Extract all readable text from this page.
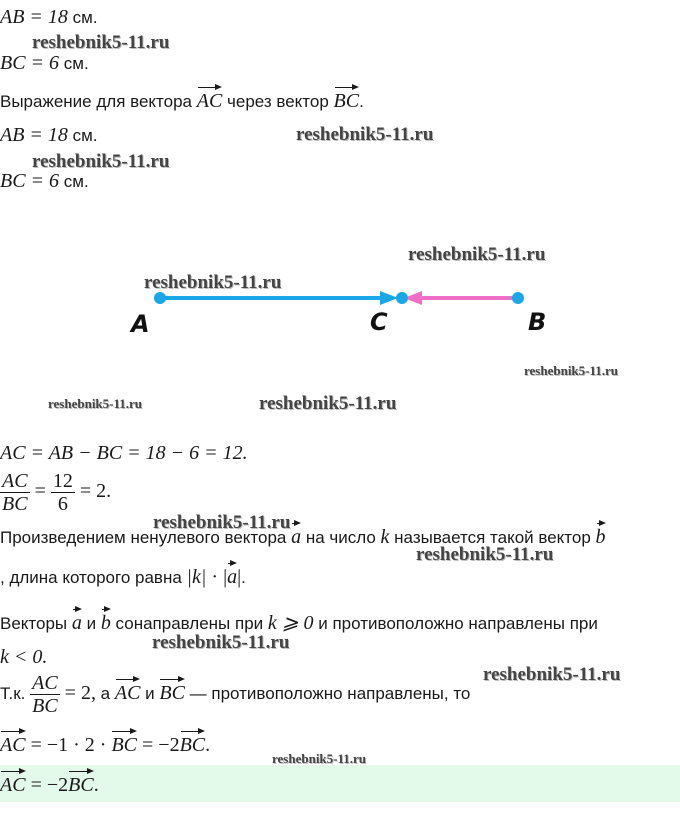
AB = 18 см.
BC = 6 см.
Выражение для вектора AC через вектор BC.
AB = 18 см.
BC = 6 см.
A	C	B
AC = AB − BC = 18 − 6 = 12.
$\frac{AC}{BC} = \frac{12}{6} = 2$.
Произведением ненулевого вектора a на число k называется такой вектор b
, длина которого равна |k| · |a|.
Векторы a и b сонаправлены при k ⩾ 0 и противоположно направлены при
k < 0.
Т.к. $\frac{AC}{BC} = 2$, а AC и BC — противоположно направлены, то
AC = −1 · 2 · BC = −2BC.
AC = −2BC.
reshebnik5-11.ru
reshebnik5-11.ru
reshebnik5-11.ru
reshebnik5-11.ru
reshebnik5-11.ru
reshebnik5-11.ru
reshebnik5-11.ru	reshebnik5-11.ru
reshebnik5-11.ru
reshebnik5-11.ru
reshebnik5-11.ru
reshebnik5-11.ru
reshebnik5-11.ru
